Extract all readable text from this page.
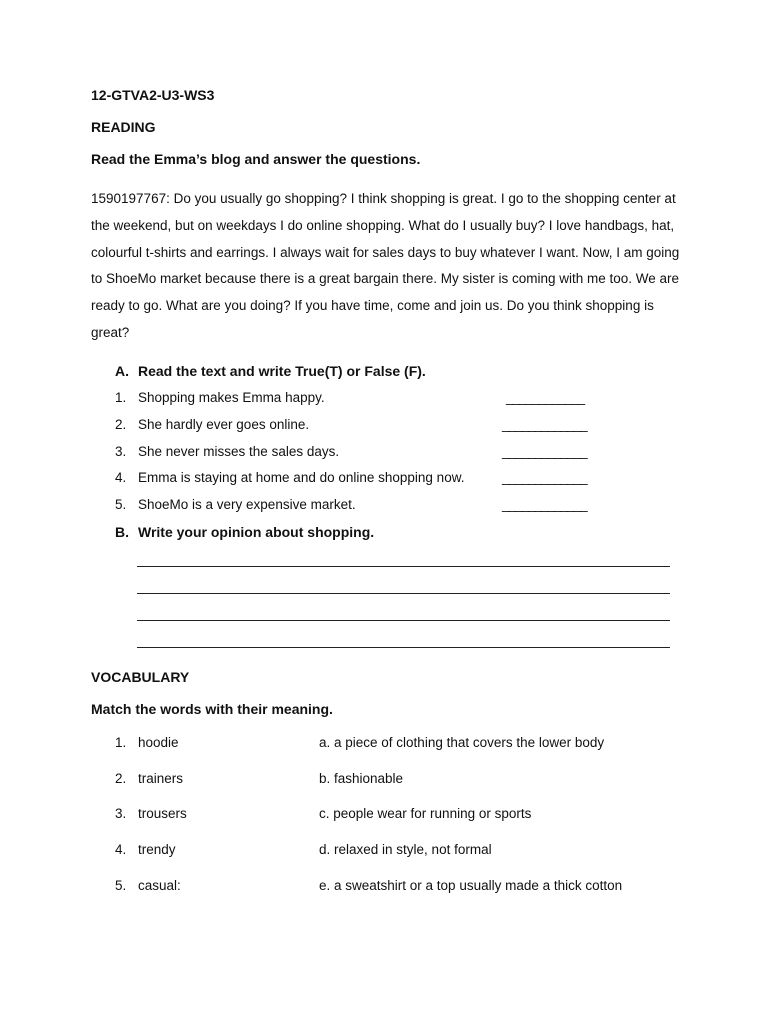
12-GTVA2-U3-WS3
READING
Read the Emma’s blog and answer the questions.
1590197767: Do you usually go shopping? I think shopping is great. I go to the shopping center at the weekend, but on weekdays I do online shopping. What do I usually buy? I love handbags, hat, colourful t-shirts and earrings. I always wait for sales days to buy whatever I want. Now, I am going to ShoeMo market because there is a great bargain there. My sister is coming with me too. We are ready to go. What are you doing? If you have time, come and join us. Do you think shopping is great?
A. Read the text and write True(T) or False (F).
1. Shopping makes Emma happy.	____________
2. She hardly ever goes online.	_____________
3. She never misses the sales days.	_____________
4. Emma is staying at home and do online shopping now.	_____________
5. ShoeMo is a very expensive market.	_____________
B. Write your opinion about shopping.
VOCABULARY
Match the words with their meaning.
1. hoodie	a. a piece of clothing that covers the lower body
2. trainers	b. fashionable
3. trousers	c. people wear for running or sports
4. trendy	d. relaxed in style, not formal
5. casual:	e. a sweatshirt or a top usually made a thick cotton
